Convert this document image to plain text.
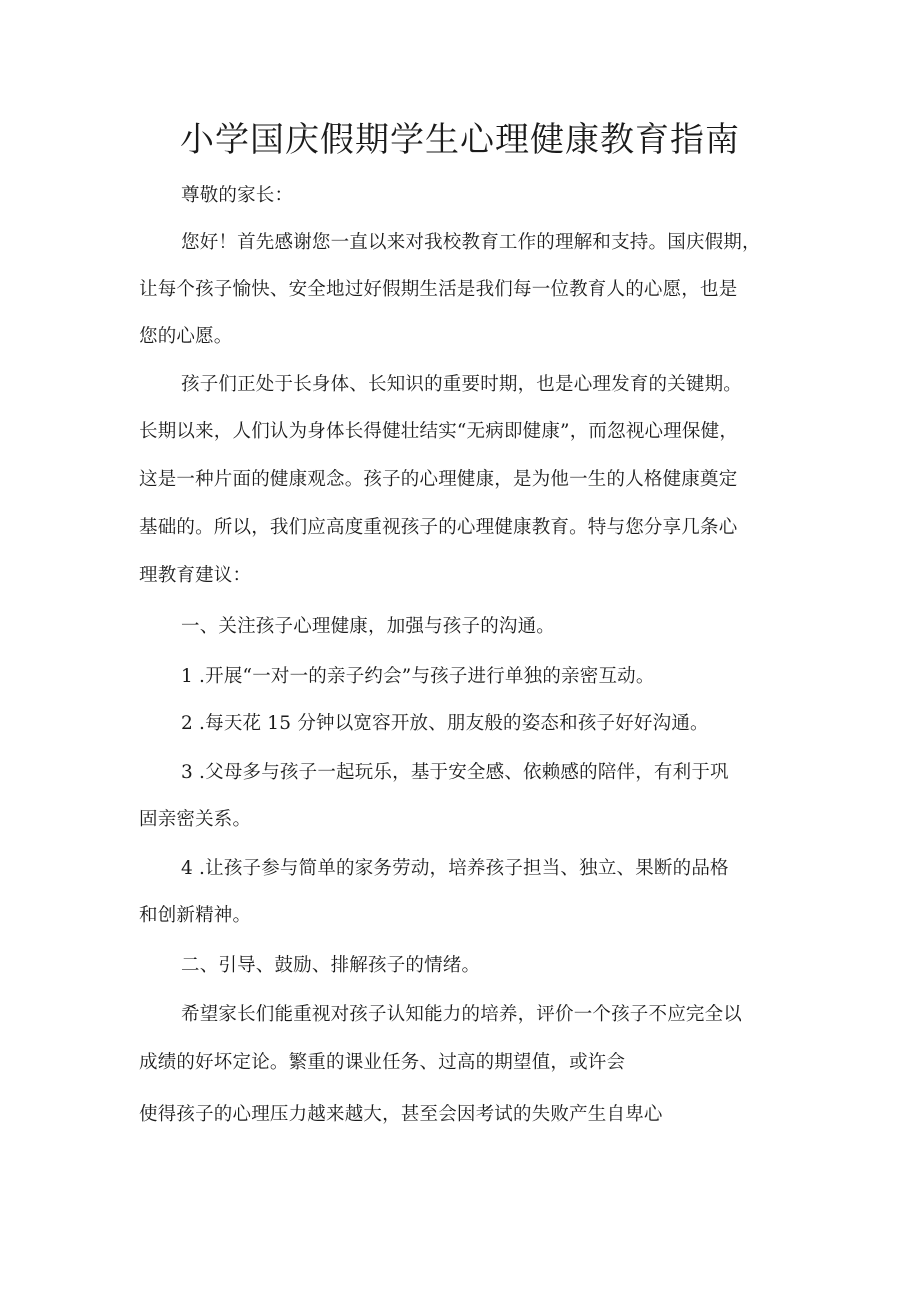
小学国庆假期学生心理健康教育指南
尊敬的家长：
您好！首先感谢您一直以来对我校教育工作的理解和支持。国庆假期，
让每个孩子愉快、安全地过好假期生活是我们每一位教育人的心愿，也是
您的心愿。
孩子们正处于长身体、长知识的重要时期，也是心理发育的关键期。
长期以来，人们认为身体长得健壮结实“无病即健康”，而忽视心理保健，
这是一种片面的健康观念。孩子的心理健康，是为他一生的人格健康奠定
基础的。所以，我们应高度重视孩子的心理健康教育。特与您分享几条心
理教育建议：
一、关注孩子心理健康，加强与孩子的沟通。
1 .开展“一对一的亲子约会”与孩子进行单独的亲密互动。
2 .每天花 15 分钟以宽容开放、朋友般的姿态和孩子好好沟通。
3 .父母多与孩子一起玩乐，基于安全感、依赖感的陪伴，有利于巩
固亲密关系。
4 .让孩子参与简单的家务劳动，培养孩子担当、独立、果断的品格
和创新精神。
二、引导、鼓励、排解孩子的情绪。
希望家长们能重视对孩子认知能力的培养，评价一个孩子不应完全以
成绩的好坏定论。繁重的课业任务、过高的期望值，或许会
使得孩子的心理压力越来越大，甚至会因考试的失败产生自卑心
